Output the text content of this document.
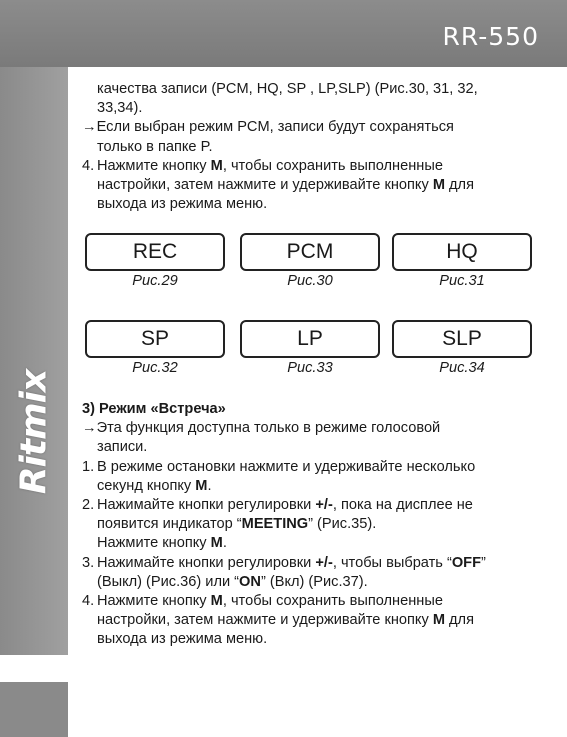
RR-550
Ritmix

качества записи (PCM, HQ, SP , LP,SLP) (Рис.30, 31, 32,

33,34).

→Если выбран режим PCM, записи будут сохраняться

только в папке P.

4. Нажмите кнопку M, чтобы сохранить выполненные
настройки, затем нажмите и удерживайте кнопку M для
выхода из режима меню.
REC
Рис.29
PCM
Рис.30
HQ
Рис.31
SP
Рис.32
LP
Рис.33
SLP
Рис.34

3) Режим «Встреча»

→Эта функция доступна только в режиме голосовой

записи.

1. В режиме остановки нажмите и удерживайте несколько
секунд кнопку M.
2. Нажимайте кнопки регулировки +/-, пока на дисплее не
появится индикатор “MEETING” (Рис.35).
Нажмите кнопку M.
3. Нажимайте кнопки регулировки +/-, чтобы выбрать “OFF”
(Выкл) (Рис.36) или “ON” (Вкл) (Рис.37).
4. Нажмите кнопку M, чтобы сохранить выполненные
настройки, затем нажмите и удерживайте кнопку M для
выхода из режима меню.
